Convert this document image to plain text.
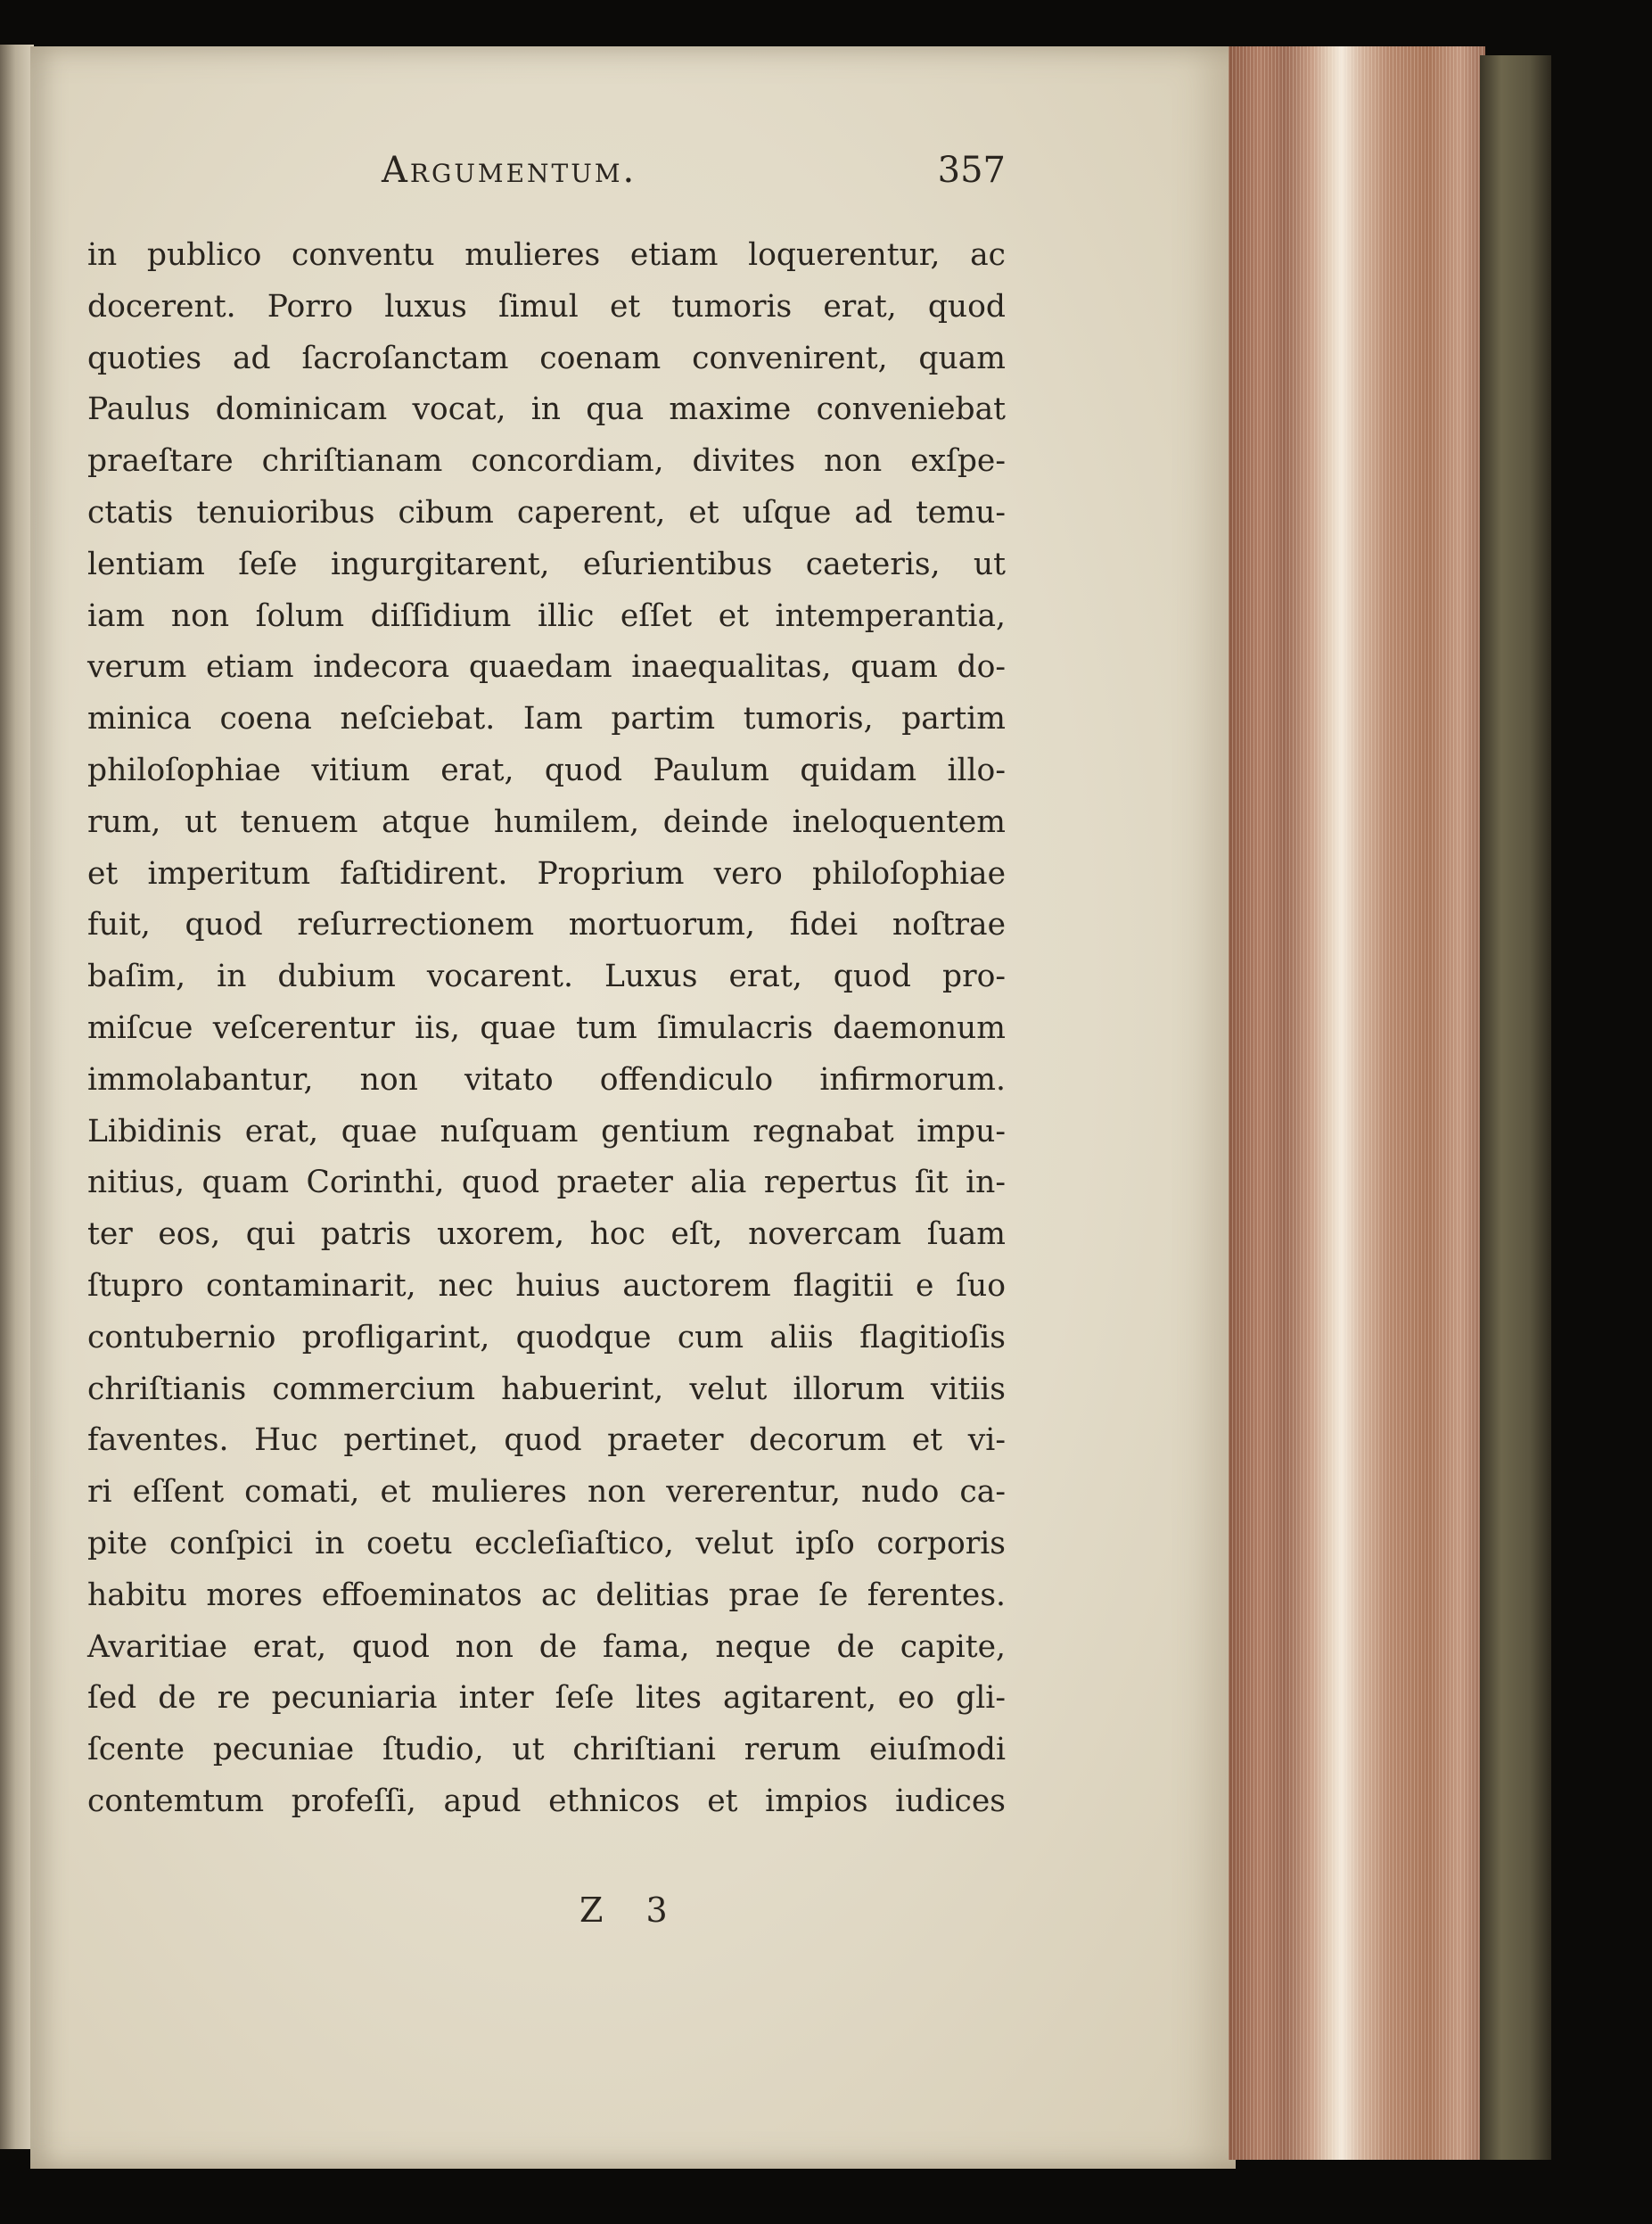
Argumentum.	357
in publico conventu mulieres etiam loquerentur, ac
docerent. Porro luxus ſimul et tumoris erat, quod
quoties ad ſacroſanctam coenam convenirent, quam
Paulus dominicam vocat, in qua maxime conveniebat
praeſtare chriſtianam concordiam, divites non exſpe-
ctatis tenuioribus cibum caperent, et uſque ad temu-
lentiam ſeſe ingurgitarent, eſurientibus caeteris, ut
iam non ſolum diſſidium illic eſſet et intemperantia,
verum etiam indecora quaedam inaequalitas, quam do-
minica coena neſciebat. Iam partim tumoris, partim
philoſophiae vitium erat, quod Paulum quidam illo-
rum, ut tenuem atque humilem, deinde ineloquentem
et imperitum faſtidirent. Proprium vero philoſophiae
fuit, quod reſurrectionem mortuorum, fidei noſtrae
baſim, in dubium vocarent. Luxus erat, quod pro-
miſcue veſcerentur iis, quae tum ſimulacris daemonum
immolabantur, non vitato offendiculo infirmorum.
Libidinis erat, quae nuſquam gentium regnabat impu-
nitius, quam Corinthi, quod praeter alia repertus ſit in-
ter eos, qui patris uxorem, hoc eſt, novercam ſuam
ſtupro contaminarit, nec huius auctorem flagitii e ſuo
contubernio profligarint, quodque cum aliis flagitioſis
chriſtianis commercium habuerint, velut illorum vitiis
faventes. Huc pertinet, quod praeter decorum et vi-
ri eſſent comati, et mulieres non vererentur, nudo ca-
pite conſpici in coetu eccleſiaſtico, velut ipſo corporis
habitu mores effoeminatos ac delitias prae ſe ferentes.
Avaritiae erat, quod non de fama, neque de capite,
ſed de re pecuniaria inter ſeſe lites agitarent, eo gli-
ſcente pecuniae ſtudio, ut chriſtiani rerum eiuſmodi
contemtum profeſſi, apud ethnicos et impios iudices
Z 3
